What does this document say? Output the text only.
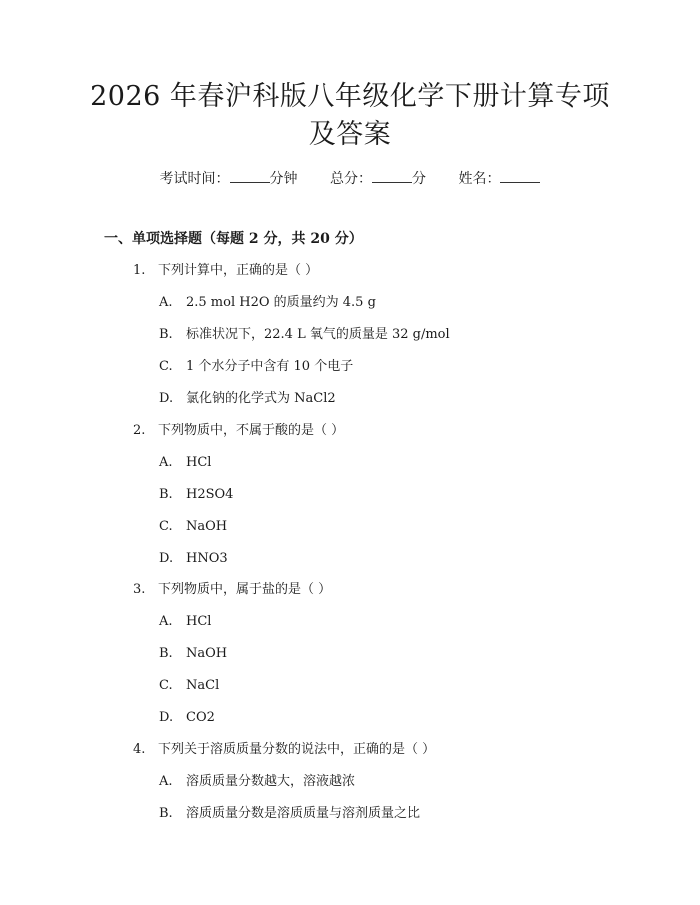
2026 年春沪科版八年级化学下册计算专项及答案
考试时间：	分钟 总分：	分 姓名：
一、单项选择题（每题 2 分，共 20 分）
1. 下列计算中，正确的是（ ）
A. 2.5 mol H2O 的质量约为 4.5 g
B. 标准状况下，22.4 L 氧气的质量是 32 g/mol
C. 1 个水分子中含有 10 个电子
D. 氯化钠的化学式为 NaCl2
2. 下列物质中，不属于酸的是（ ）
A. HCl
B. H2SO4
C. NaOH
D. HNO3
3. 下列物质中，属于盐的是（ ）
A. HCl
B. NaOH
C. NaCl
D. CO2
4. 下列关于溶质质量分数的说法中，正确的是（ ）
A. 溶质质量分数越大，溶液越浓
B. 溶质质量分数是溶质质量与溶剂质量之比
